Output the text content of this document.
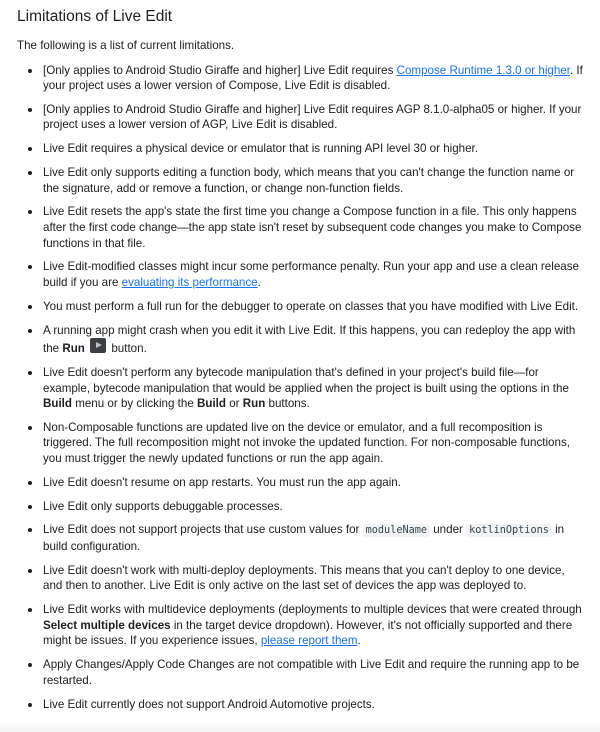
Limitations of Live Edit

The following is a list of current limitations.

[Only applies to Android Studio Giraffe and higher] Live Edit requires Compose Runtime 1.3.0 or higher. If your project uses a lower version of Compose, Live Edit is disabled.
[Only applies to Android Studio Giraffe and higher] Live Edit requires AGP 8.1.0-alpha05 or higher. If your project uses a lower version of AGP, Live Edit is disabled.
Live Edit requires a physical device or emulator that is running API level 30 or higher.
Live Edit only supports editing a function body, which means that you can't change the function name or the signature, add or remove a function, or change non-function fields.
Live Edit resets the app's state the first time you change a Compose function in a file. This only happens after the first code change—the app state isn't reset by subsequent code changes you make to Compose functions in that file.
Live Edit-modified classes might incur some performance penalty. Run your app and use a clean release build if you are evaluating its performance.
You must perform a full run for the debugger to operate on classes that you have modified with Live Edit.
A running app might crash when you edit it with Live Edit. If this happens, you can redeploy the app with the Run  button.
Live Edit doesn't perform any bytecode manipulation that's defined in your project's build file—for example, bytecode manipulation that would be applied when the project is built using the options in the Build menu or by clicking the Build or Run buttons.
Non-Composable functions are updated live on the device or emulator, and a full recomposition is triggered. The full recomposition might not invoke the updated function. For non-composable functions, you must trigger the newly updated functions or run the app again.
Live Edit doesn't resume on app restarts. You must run the app again.
Live Edit only supports debuggable processes.
Live Edit does not support projects that use custom values for moduleName under kotlinOptions in build configuration.
Live Edit doesn't work with multi-deploy deployments. This means that you can't deploy to one device, and then to another. Live Edit is only active on the last set of devices the app was deployed to.
Live Edit works with multidevice deployments (deployments to multiple devices that were created through Select multiple devices in the target device dropdown). However, it's not officially supported and there might be issues. If you experience issues, please report them.
Apply Changes/Apply Code Changes are not compatible with Live Edit and require the running app to be restarted.
Live Edit currently does not support Android Automotive projects.
